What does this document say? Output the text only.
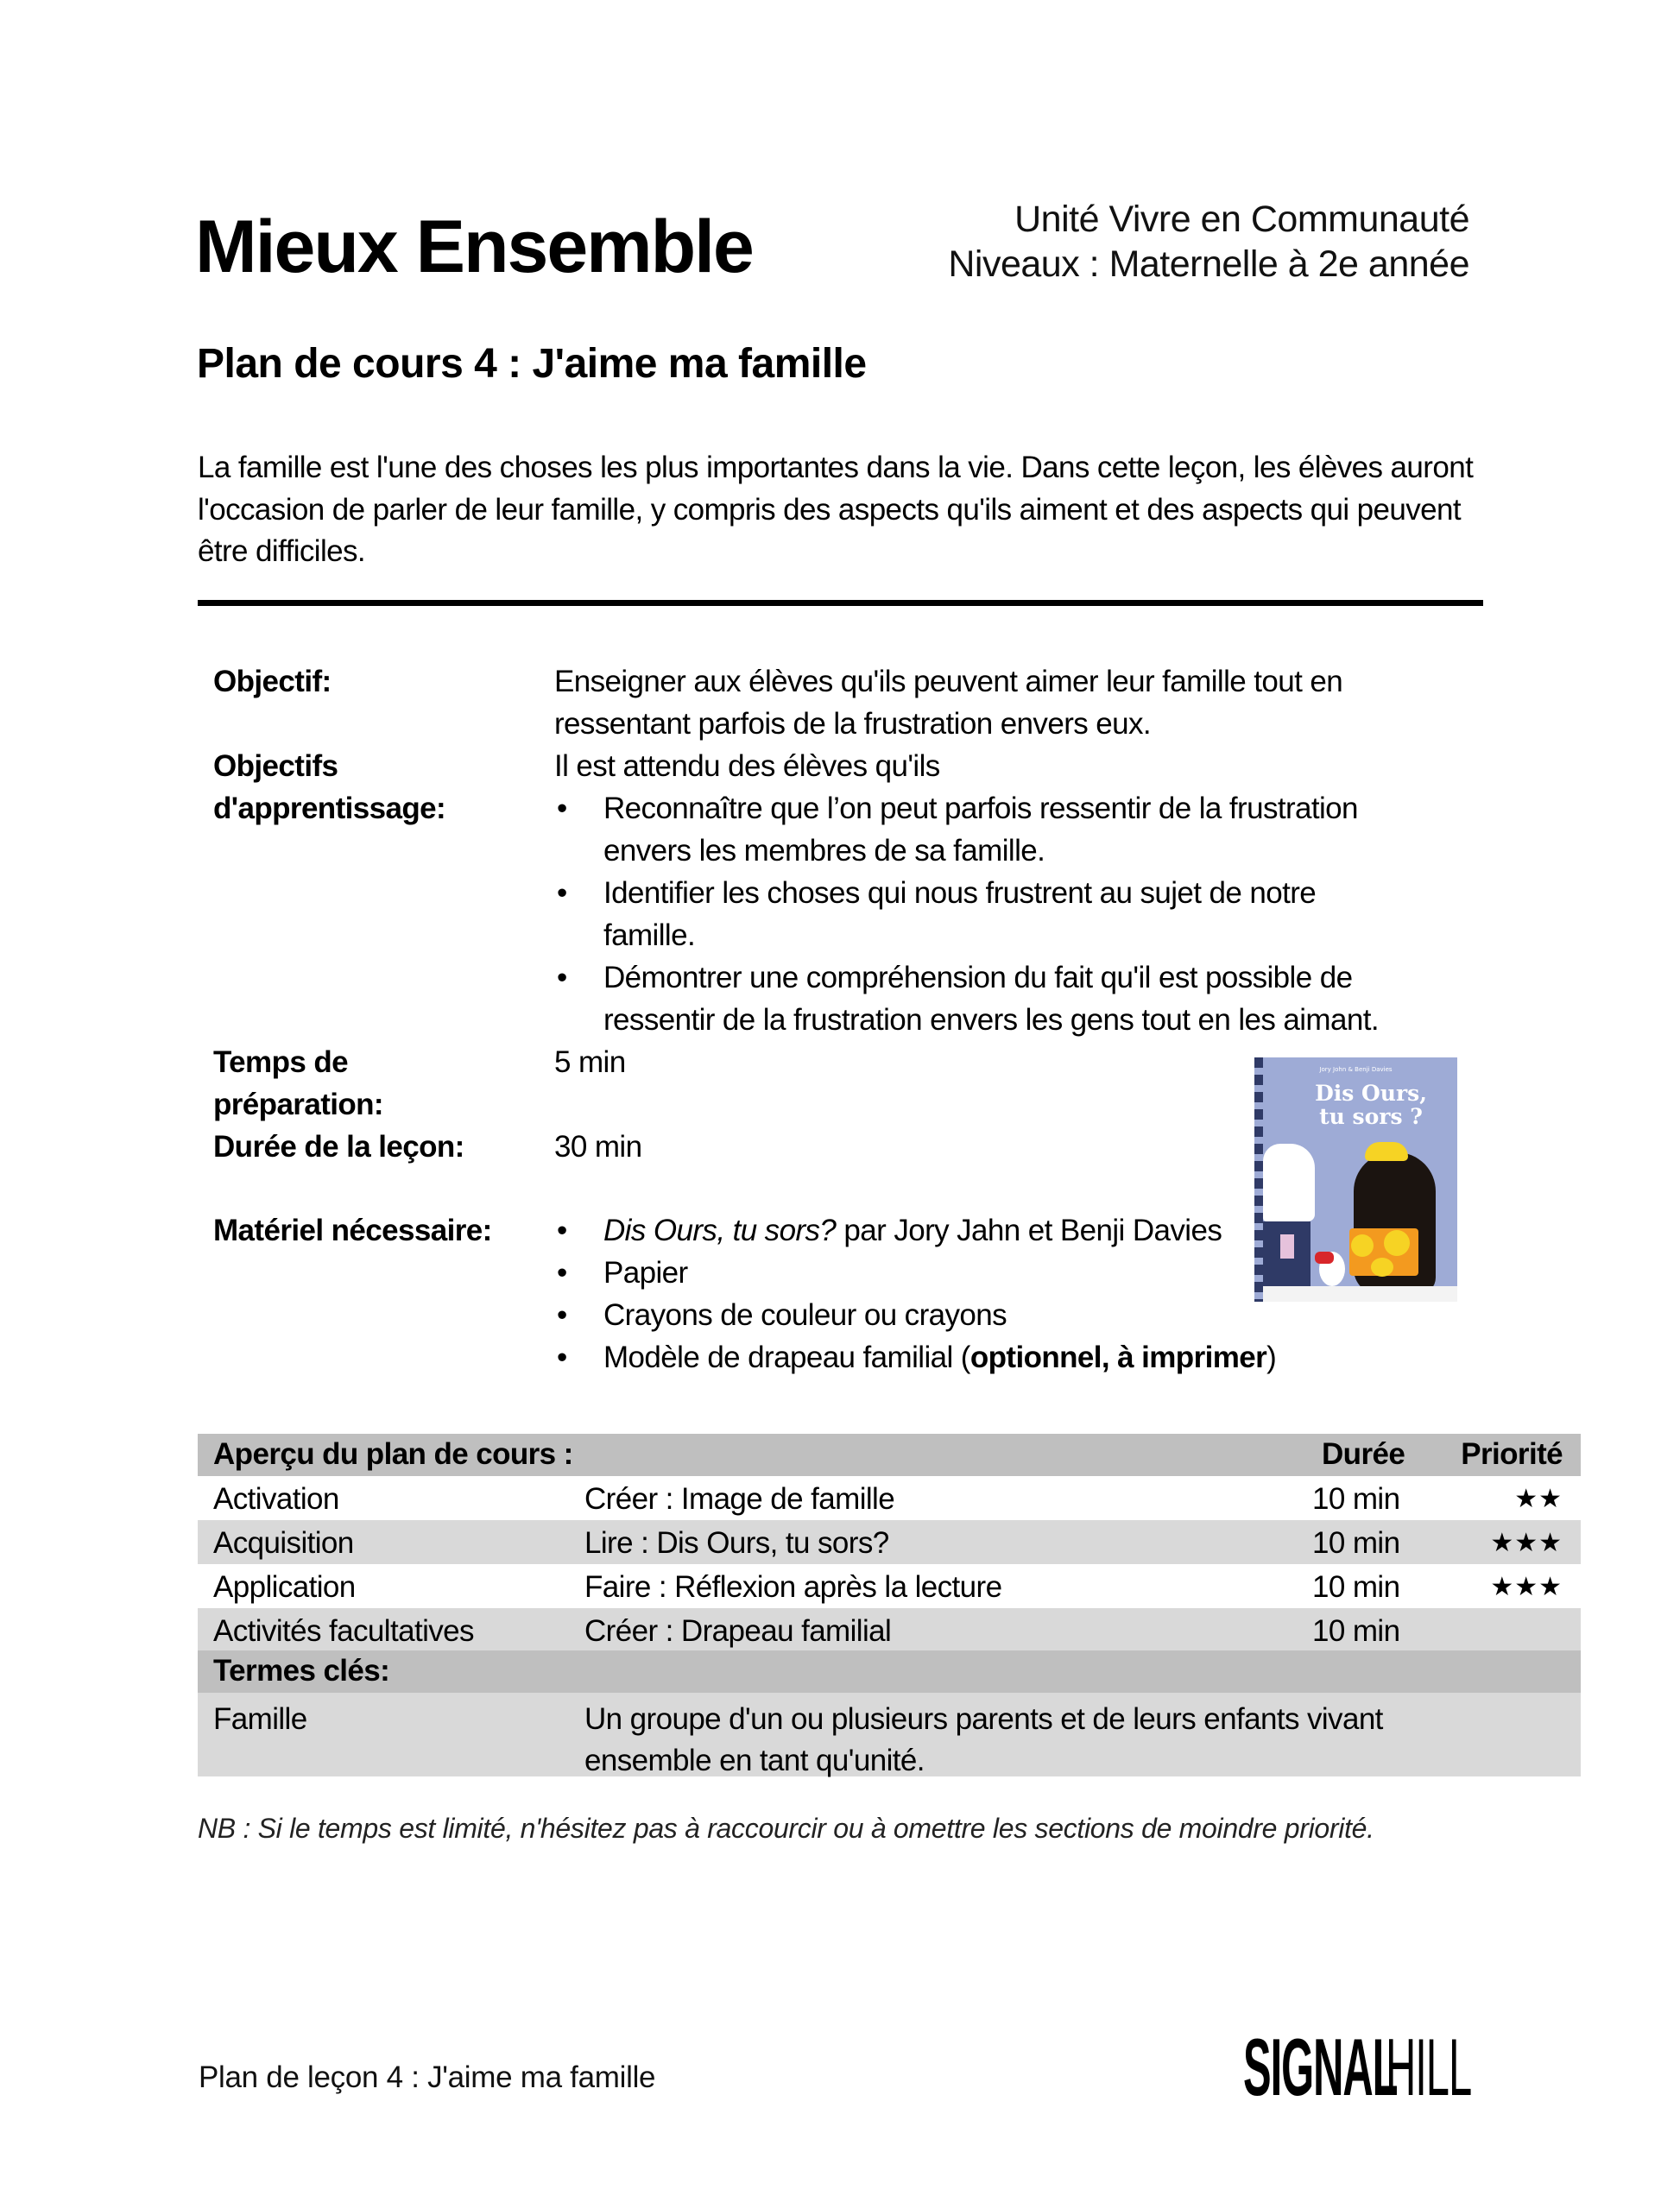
Mieux Ensemble	Unité Vivre en Communauté
Niveaux : Maternelle à 2e année
Plan de cours 4 : J'aime ma famille
La famille est l'une des choses les plus importantes dans la vie. Dans cette leçon, les élèves auront l'occasion de parler de leur famille, y compris des aspects qu'ils aiment et des aspects qui peuvent être difficiles.
Objectif:	Enseigner aux élèves qu'ils peuvent aimer leur famille tout en
ressentant parfois de la frustration envers eux.
Objectifs
d'apprentissage:
Il est attendu des élèves qu'ils
• Reconnaître que l’on peut parfois ressentir de la frustration
envers les membres de sa famille.
• Identifier les choses qui nous frustrent au sujet de notre
famille.
• Démontrer une compréhension du fait qu'il est possible de
ressentir de la frustration envers les gens tout en les aimant.
Temps de
préparation:
5 min
Durée de la leçon:	30 min
Matériel nécessaire: • Dis Ours, tu sors? par Jory Jahn et Benji Davies
• Papier
• Crayons de couleur ou crayons
• Modèle de drapeau familial (optionnel, à imprimer)
Jory John & Benji Davies
Dis Ours,
tu sors ?
Aperçu du plan de cours :	Durée Priorité
Activation	Créer : Image de famille	10 min	★★
Acquisition	Lire : Dis Ours, tu sors?	10 min	★★★
Application	Faire : Réflexion après la lecture	10 min	★★★
Activités facultatives	Créer : Drapeau familial	10 min
Termes clés:
Famille	Un groupe d'un ou plusieurs parents et de leurs enfants vivant
ensemble en tant qu'unité.
NB : Si le temps est limité, n'hésitez pas à raccourcir ou à omettre les sections de moindre priorité.
Plan de leçon 4 : J'aime ma famille	SIGNAL
HILL
